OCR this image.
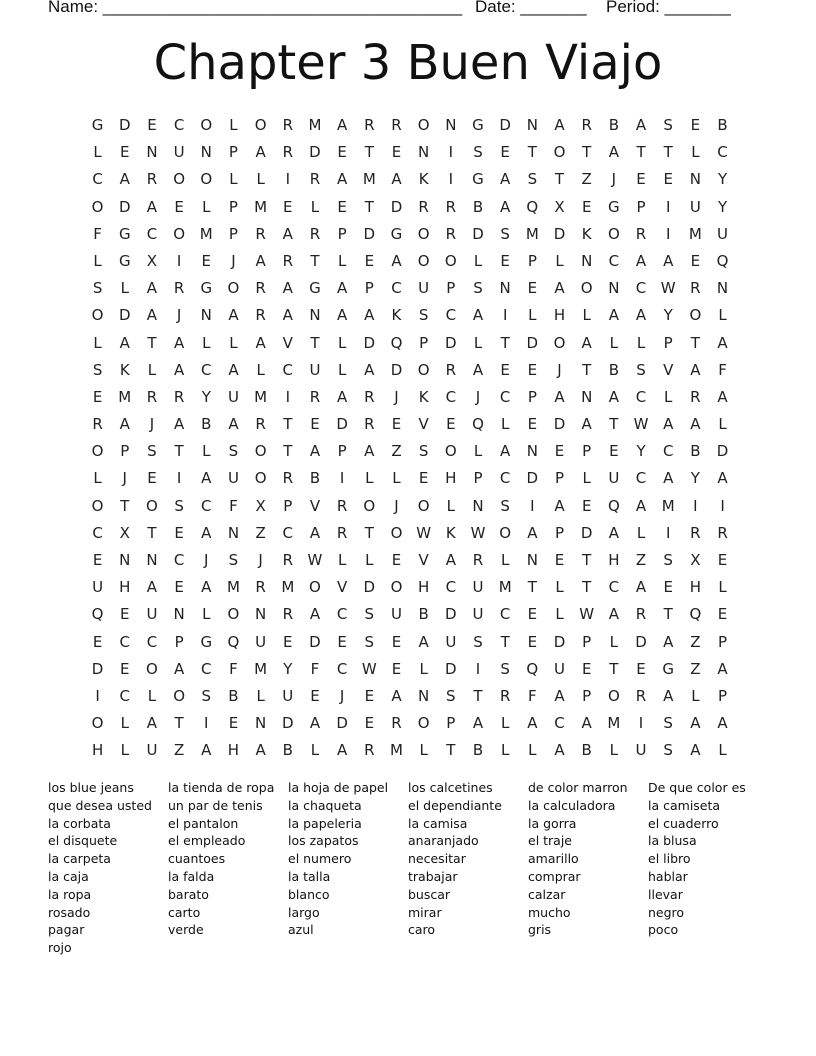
Name: ______________________________________ Date: _______ Period: _______
Chapter 3 Buen Viajo
G	D	E	C	O	L	O	R	M	A	R	R	O	N	G	D	N	A	R	B	A	S	E	B
L	E	N	U	N	P	A	R	D	E	T	E	N	I	S	E	T	O	T	A	T	T	L	C
C	A	R	O	O	L	L	I	R	A	M	A	K	I	G	A	S	T	Z	J	E	E	N	Y
O	D	A	E	L	P	M	E	L	E	T	D	R	R	B	A	Q	X	E	G	P	I	U	Y
F	G	C	O M	P	R	A	R	P	D	G	O	R	D	S	M D	K	O	R	I	M	U
L	G	X	I	E	J	A	R	T	L	E	A	O	O	L	E	P	L	N	C	A	A	E	Q
S	L	A	R	G	O	R	A	G	A	P	C	U	P	S	N	E	A	O	N	C W R	N
O	D	A	J	N	A	R	A	N	A	A	K	S	C	A	I	L	H	L	A	A	Y	O	L
L	A	T	A	L	L	A	V	T	L	D	Q	P	D	L	T	D	O	A	L	L	P	T	A
S	K	L	A	C	A	L	C	U	L	A	D	O	R	A	E	E	J	T	B	S	V	A	F
E	M	R	R	Y	U	M	I	R	A	R	J	K	C	J	C	P	A	N	A	C	L	R	A
R	A	J	A	B	A	R	T	E	D	R	E	V	E	Q	L	E	D	A	T	W A	A	L
O	P	S	T	L	S	O	T	A	P	A	Z	S	O	L	A	N	E	P	E	Y	C	B	D
L	J	E	I	A	U	O	R	B	I	L	L	E	H	P	C	D	P	L	U	C	A	Y	A
O	T	O	S	C	F	X	P	V	R	O	J	O	L	N	S	I	A	E	Q	A	M	I	I
C	X	T	E	A	N	Z	C	A	R	T	O W K W O	A	P	D	A	L	I	R	R
E	N	N	C	J	S	J	R W	L	L	E	V	A	R	L	N	E	T	H	Z	S	X	E
U	H	A	E	A	M	R	M O	V	D	O	H	C	U	M	T	L	T	C	A	E	H	L
Q	E	U	N	L	O	N	R	A	C	S	U	B	D	U	C	E	L	W A	R	T	Q	E
E	C	C	P	G	Q	U	E	D	E	S	E	A	U	S	T	E	D	P	L	D	A	Z	P
D	E	O	A	C	F	M	Y	F	C W	E	L	D	I	S	Q	U	E	T	E	G	Z	A
I	C	L	O	S	B	L	U	E	J	E	A	N	S	T	R	F	A	P	O	R	A	L	P
O	L	A	T	I	E	N	D	A	D	E	R	O	P	A	L	A	C	A	M	I	S	A	A
H	L	U	Z	A	H	A	B	L	A	R	M	L	T	B	L	L	A	B	L	U	S	A	L
los blue jeans
que desea usted
la corbata
el disquete
la carpeta
la caja
la ropa
rosado
pagar
rojo
la tienda de ropa
un par de tenis
el pantalon
el empleado
cuantoes
la falda
barato
carto
verde
la hoja de papel
la chaqueta
la papeleria
los zapatos
el numero
la talla
blanco
largo
azul
los calcetines
el dependiante
la camisa
anaranjado
necesitar
trabajar
buscar
mirar
caro
de color marron
la calculadora
la gorra
el traje
amarillo
comprar
calzar
mucho
gris
De que color es
la camiseta
el cuaderro
la blusa
el libro
hablar
llevar
negro
poco
